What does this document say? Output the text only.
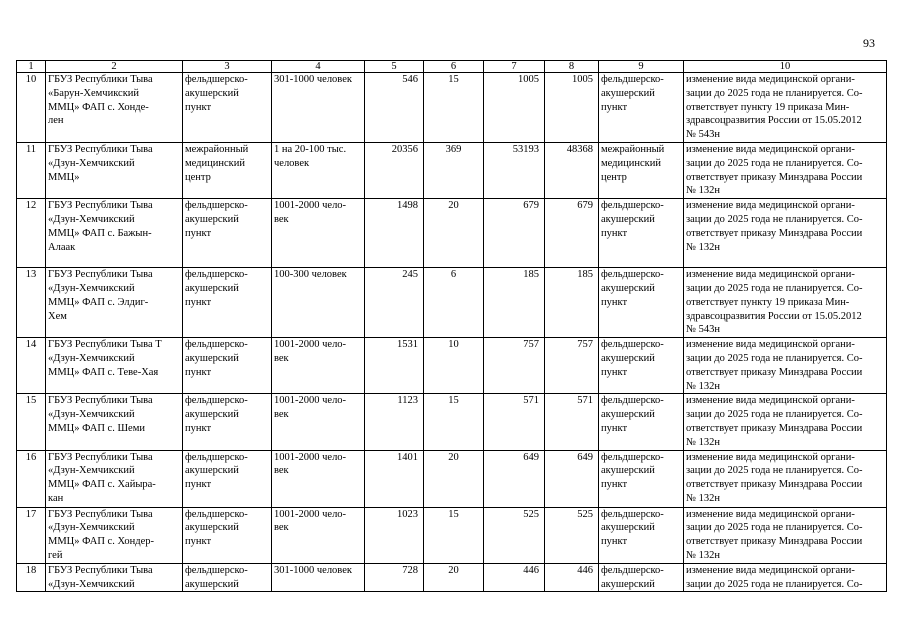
93
1	2	3	4	5	6	7	8	9	10
10	ГБУЗ Республики Тыва
«Барун-Хемчикский
ММЦ» ФАП с. Хонде-
лен	фельдшерско-
акушерский
пункт	301-1000 человек	546	15	1005	1005	фельдшерско-
акушерский
пункт	изменение вида медицинской органи-
зации до 2025 года не планируется. Со-
ответствует пункту 19 приказа Мин-
здравсоцразвития России от 15.05.2012
№ 543н
11	ГБУЗ Республики Тыва
«Дзун-Хемчикский
ММЦ»	межрайонный
медицинский
центр	1 на 20-100 тыс.
человек	20356	369	53193	48368	межрайонный
медицинский
центр	изменение вида медицинской органи-
зации до 2025 года не планируется. Со-
ответствует приказу Минздрава России
№ 132н
12	ГБУЗ Республики Тыва
«Дзун-Хемчикский
ММЦ» ФАП с. Бажын-
Алаак	фельдшерско-
акушерский
пункт	1001-2000 чело-
век	1498	20	679	679	фельдшерско-
акушерский
пункт	изменение вида медицинской органи-
зации до 2025 года не планируется. Со-
ответствует приказу Минздрава России
№ 132н
13	ГБУЗ Республики Тыва
«Дзун-Хемчикский
ММЦ» ФАП с. Элдиг-
Хем	фельдшерско-
акушерский
пункт	100-300 человек	245	6	185	185	фельдшерско-
акушерский
пункт	изменение вида медицинской органи-
зации до 2025 года не планируется. Со-
ответствует пункту 19 приказа Мин-
здравсоцразвития России от 15.05.2012
№ 543н
14	ГБУЗ Республики Тыва Т
«Дзун-Хемчикский
ММЦ» ФАП с. Теве-Хая	фельдшерско-
акушерский
пункт	1001-2000 чело-
век	1531	10	757	757	фельдшерско-
акушерский
пункт	изменение вида медицинской органи-
зации до 2025 года не планируется. Со-
ответствует приказу Минздрава России
№ 132н
15	ГБУЗ Республики Тыва
«Дзун-Хемчикский
ММЦ» ФАП с. Шеми	фельдшерско-
акушерский
пункт	1001-2000 чело-
век	1123	15	571	571	фельдшерско-
акушерский
пункт	изменение вида медицинской органи-
зации до 2025 года не планируется. Со-
ответствует приказу Минздрава России
№ 132н
16	ГБУЗ Республики Тыва
«Дзун-Хемчикский
ММЦ» ФАП с. Хайыра-
кан	фельдшерско-
акушерский
пункт	1001-2000 чело-
век	1401	20	649	649	фельдшерско-
акушерский
пункт	изменение вида медицинской органи-
зации до 2025 года не планируется. Со-
ответствует приказу Минздрава России
№ 132н
17	ГБУЗ Республики Тыва
«Дзун-Хемчикский
ММЦ» ФАП с. Хондер-
гей	фельдшерско-
акушерский
пункт	1001-2000 чело-
век	1023	15	525	525	фельдшерско-
акушерский
пункт	изменение вида медицинской органи-
зации до 2025 года не планируется. Со-
ответствует приказу Минздрава России
№ 132н
18	ГБУЗ Республики Тыва
«Дзун-Хемчикский	фельдшерско-
акушерский	301-1000 человек	728	20	446	446	фельдшерско-
акушерский	изменение вида медицинской органи-
зации до 2025 года не планируется. Со-
